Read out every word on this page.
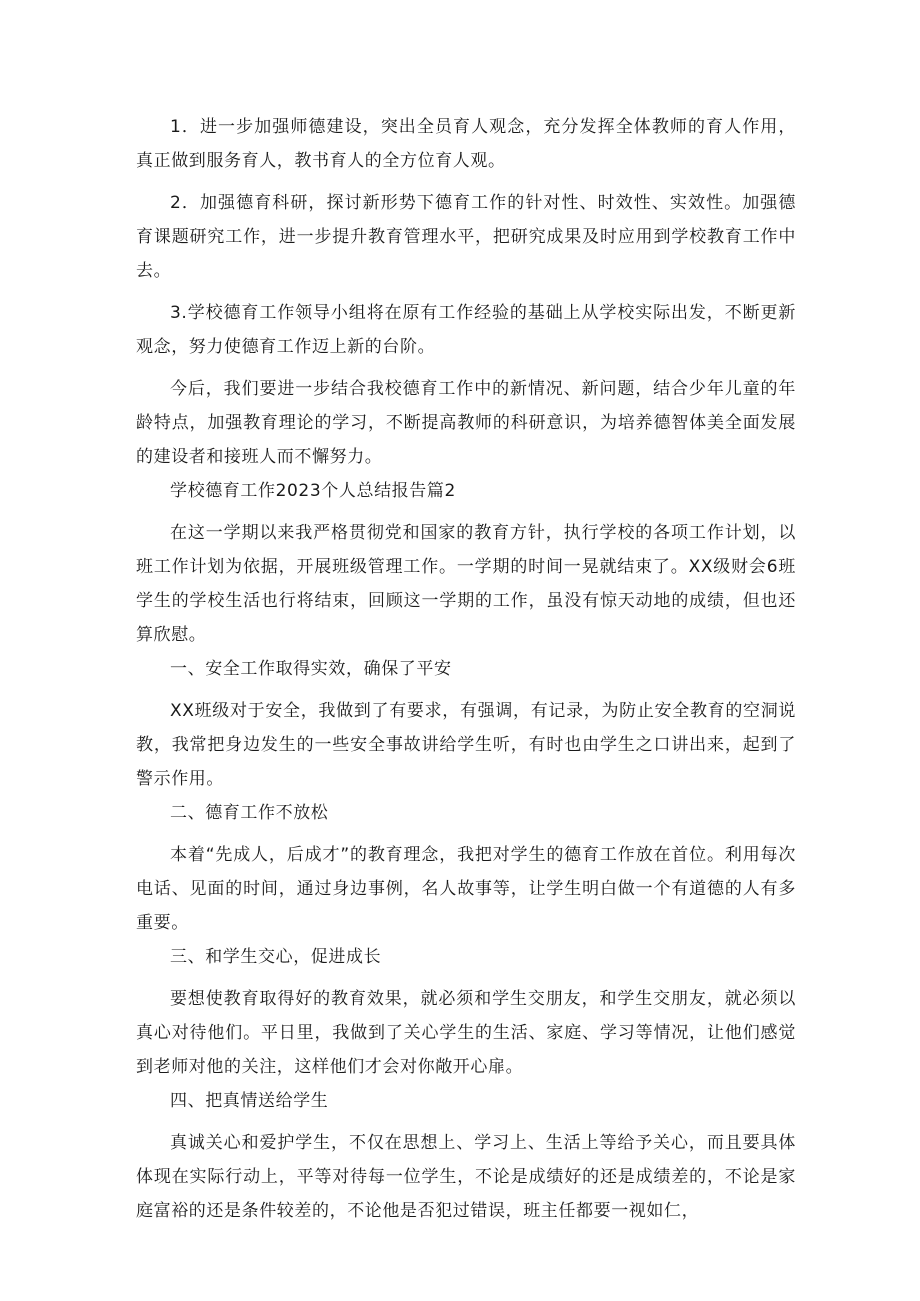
1．进一步加强师德建设，突出全员育人观念，充分发挥全体教师的育人作用，真正做到服务育人，教书育人的全方位育人观。

2．加强德育科研，探讨新形势下德育工作的针对性、时效性、实效性。加强德育课题研究工作，进一步提升教育管理水平，把研究成果及时应用到学校教育工作中去。

3.学校德育工作领导小组将在原有工作经验的基础上从学校实际出发，不断更新观念，努力使德育工作迈上新的台阶。

今后，我们要进一步结合我校德育工作中的新情况、新问题，结合少年儿童的年龄特点，加强教育理论的学习，不断提高教师的科研意识，为培养德智体美全面发展的建设者和接班人而不懈努力。

学校德育工作2023个人总结报告篇2

在这一学期以来我严格贯彻党和国家的教育方针，执行学校的各项工作计划，以班工作计划为依据，开展班级管理工作。一学期的时间一晃就结束了。XX级财会6班学生的学校生活也行将结束，回顾这一学期的工作，虽没有惊天动地的成绩，但也还算欣慰。

一、安全工作取得实效，确保了平安

XX班级对于安全，我做到了有要求，有强调，有记录，为防止安全教育的空洞说教，我常把身边发生的一些安全事故讲给学生听，有时也由学生之口讲出来，起到了警示作用。

二、德育工作不放松

本着“先成人，后成才”的教育理念，我把对学生的德育工作放在首位。利用每次电话、见面的时间，通过身边事例，名人故事等，让学生明白做一个有道德的人有多重要。

三、和学生交心，促进成长

要想使教育取得好的教育效果，就必须和学生交朋友，和学生交朋友，就必须以真心对待他们。平日里，我做到了关心学生的生活、家庭、学习等情况，让他们感觉到老师对他的关注，这样他们才会对你敞开心扉。

四、把真情送给学生

真诚关心和爱护学生，不仅在思想上、学习上、生活上等给予关心，而且要具体体现在实际行动上，平等对待每一位学生，不论是成绩好的还是成绩差的，不论是家庭富裕的还是条件较差的，不论他是否犯过错误，班主任都要一视如仁，
